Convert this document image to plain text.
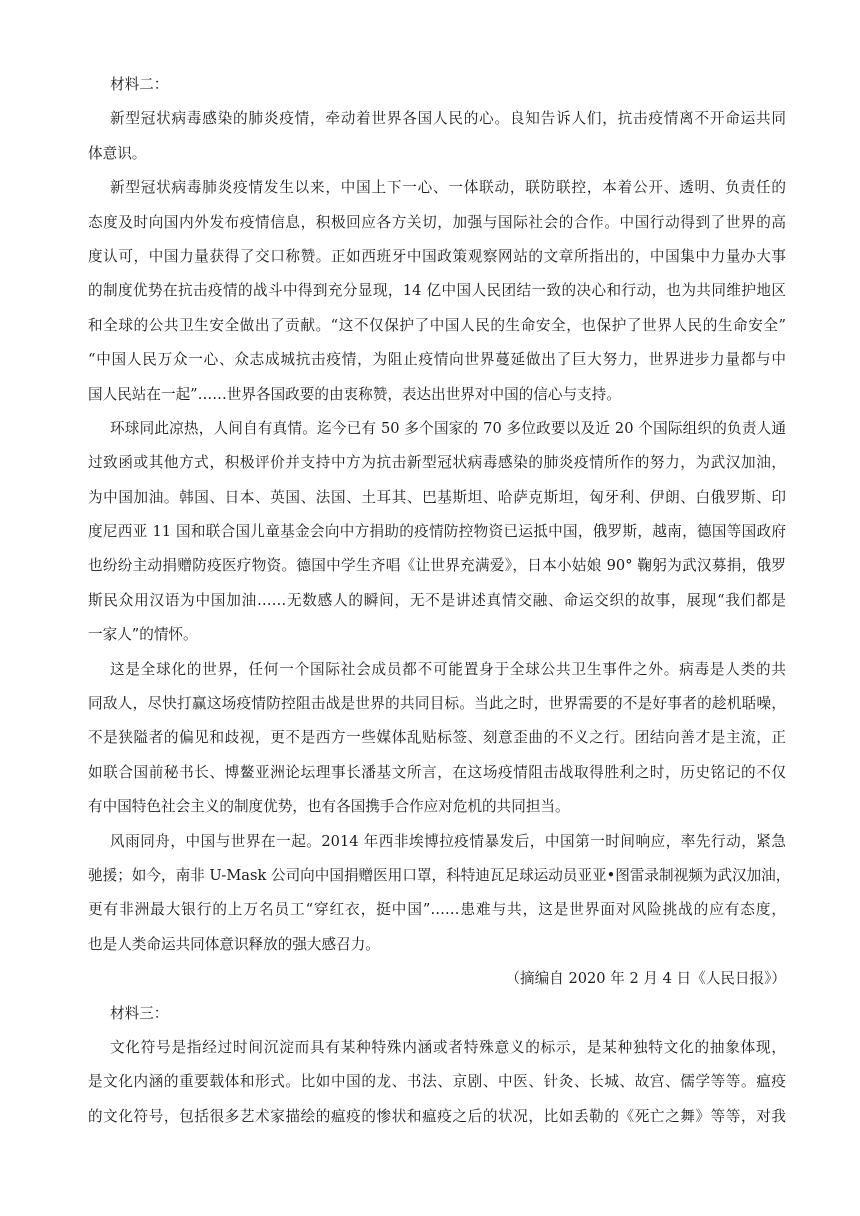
材料二：

新型冠状病毒感染的肺炎疫情，牵动着世界各国人民的心。良知告诉人们，抗击疫情离不开命运共同

体意识。

新型冠状病毒肺炎疫情发生以来，中国上下一心、一体联动，联防联控，本着公开、透明、负责任的

态度及时向国内外发布疫情信息，积极回应各方关切，加强与国际社会的合作。中国行动得到了世界的高

度认可，中国力量获得了交口称赞。正如西班牙中国政策观察网站的文章所指出的，中国集中力量办大事

的制度优势在抗击疫情的战斗中得到充分显现，14 亿中国人民团结一致的决心和行动，也为共同维护地区

和全球的公共卫生安全做出了贡献。“这不仅保护了中国人民的生命安全，也保护了世界人民的生命安全”

“中国人民万众一心、众志成城抗击疫情，为阻止疫情向世界蔓延做出了巨大努力，世界进步力量都与中

国人民站在一起”……世界各国政要的由衷称赞，表达出世界对中国的信心与支持。

环球同此凉热，人间自有真情。迄今已有 50 多个国家的 70 多位政要以及近 20 个国际组织的负责人通

过致函或其他方式，积极评价并支持中方为抗击新型冠状病毒感染的肺炎疫情所作的努力，为武汉加油，

为中国加油。韩国、日本、英国、法国、土耳其、巴基斯坦、哈萨克斯坦，匈牙利、伊朗、白俄罗斯、印

度尼西亚 11 国和联合国儿童基金会向中方捐助的疫情防控物资已运抵中国，俄罗斯，越南，德国等国政府

也纷纷主动捐赠防疫医疗物资。德国中学生齐唱《让世界充满爱》，日本小姑娘 90° 鞠躬为武汉募捐，俄罗

斯民众用汉语为中国加油……无数感人的瞬间，无不是讲述真情交融、命运交织的故事，展现“我们都是

一家人”的情怀。

这是全球化的世界，任何一个国际社会成员都不可能置身于全球公共卫生事件之外。病毒是人类的共

同敌人，尽快打赢这场疫情防控阻击战是世界的共同目标。当此之时，世界需要的不是好事者的趁机聒噪，

不是狭隘者的偏见和歧视，更不是西方一些媒体乱贴标签、刻意歪曲的不义之行。团结向善才是主流，正

如联合国前秘书长、博鳌亚洲论坛理事长潘基文所言，在这场疫情阻击战取得胜利之时，历史铭记的不仅

有中国特色社会主义的制度优势，也有各国携手合作应对危机的共同担当。

风雨同舟，中国与世界在一起。2014 年西非埃博拉疫情暴发后，中国第一时间响应，率先行动，紧急

驰援；如今，南非 U-Mask 公司向中国捐赠医用口罩，科特迪瓦足球运动员亚亚•图雷录制视频为武汉加油，

更有非洲最大银行的上万名员工“穿红衣，挺中国”……患难与共，这是世界面对风险挑战的应有态度，

也是人类命运共同体意识释放的强大感召力。

（摘编自 2020 年 2 月 4 日《人民日报》）

材料三：

文化符号是指经过时间沉淀而具有某种特殊内涵或者特殊意义的标示，是某种独特文化的抽象体现，

是文化内涵的重要载体和形式。比如中国的龙、书法、京剧、中医、针灸、长城、故宫、儒学等等。瘟疫

的文化符号，包括很多艺术家描绘的瘟疫的惨状和瘟疫之后的状况，比如丢勒的《死亡之舞》等等，对我
